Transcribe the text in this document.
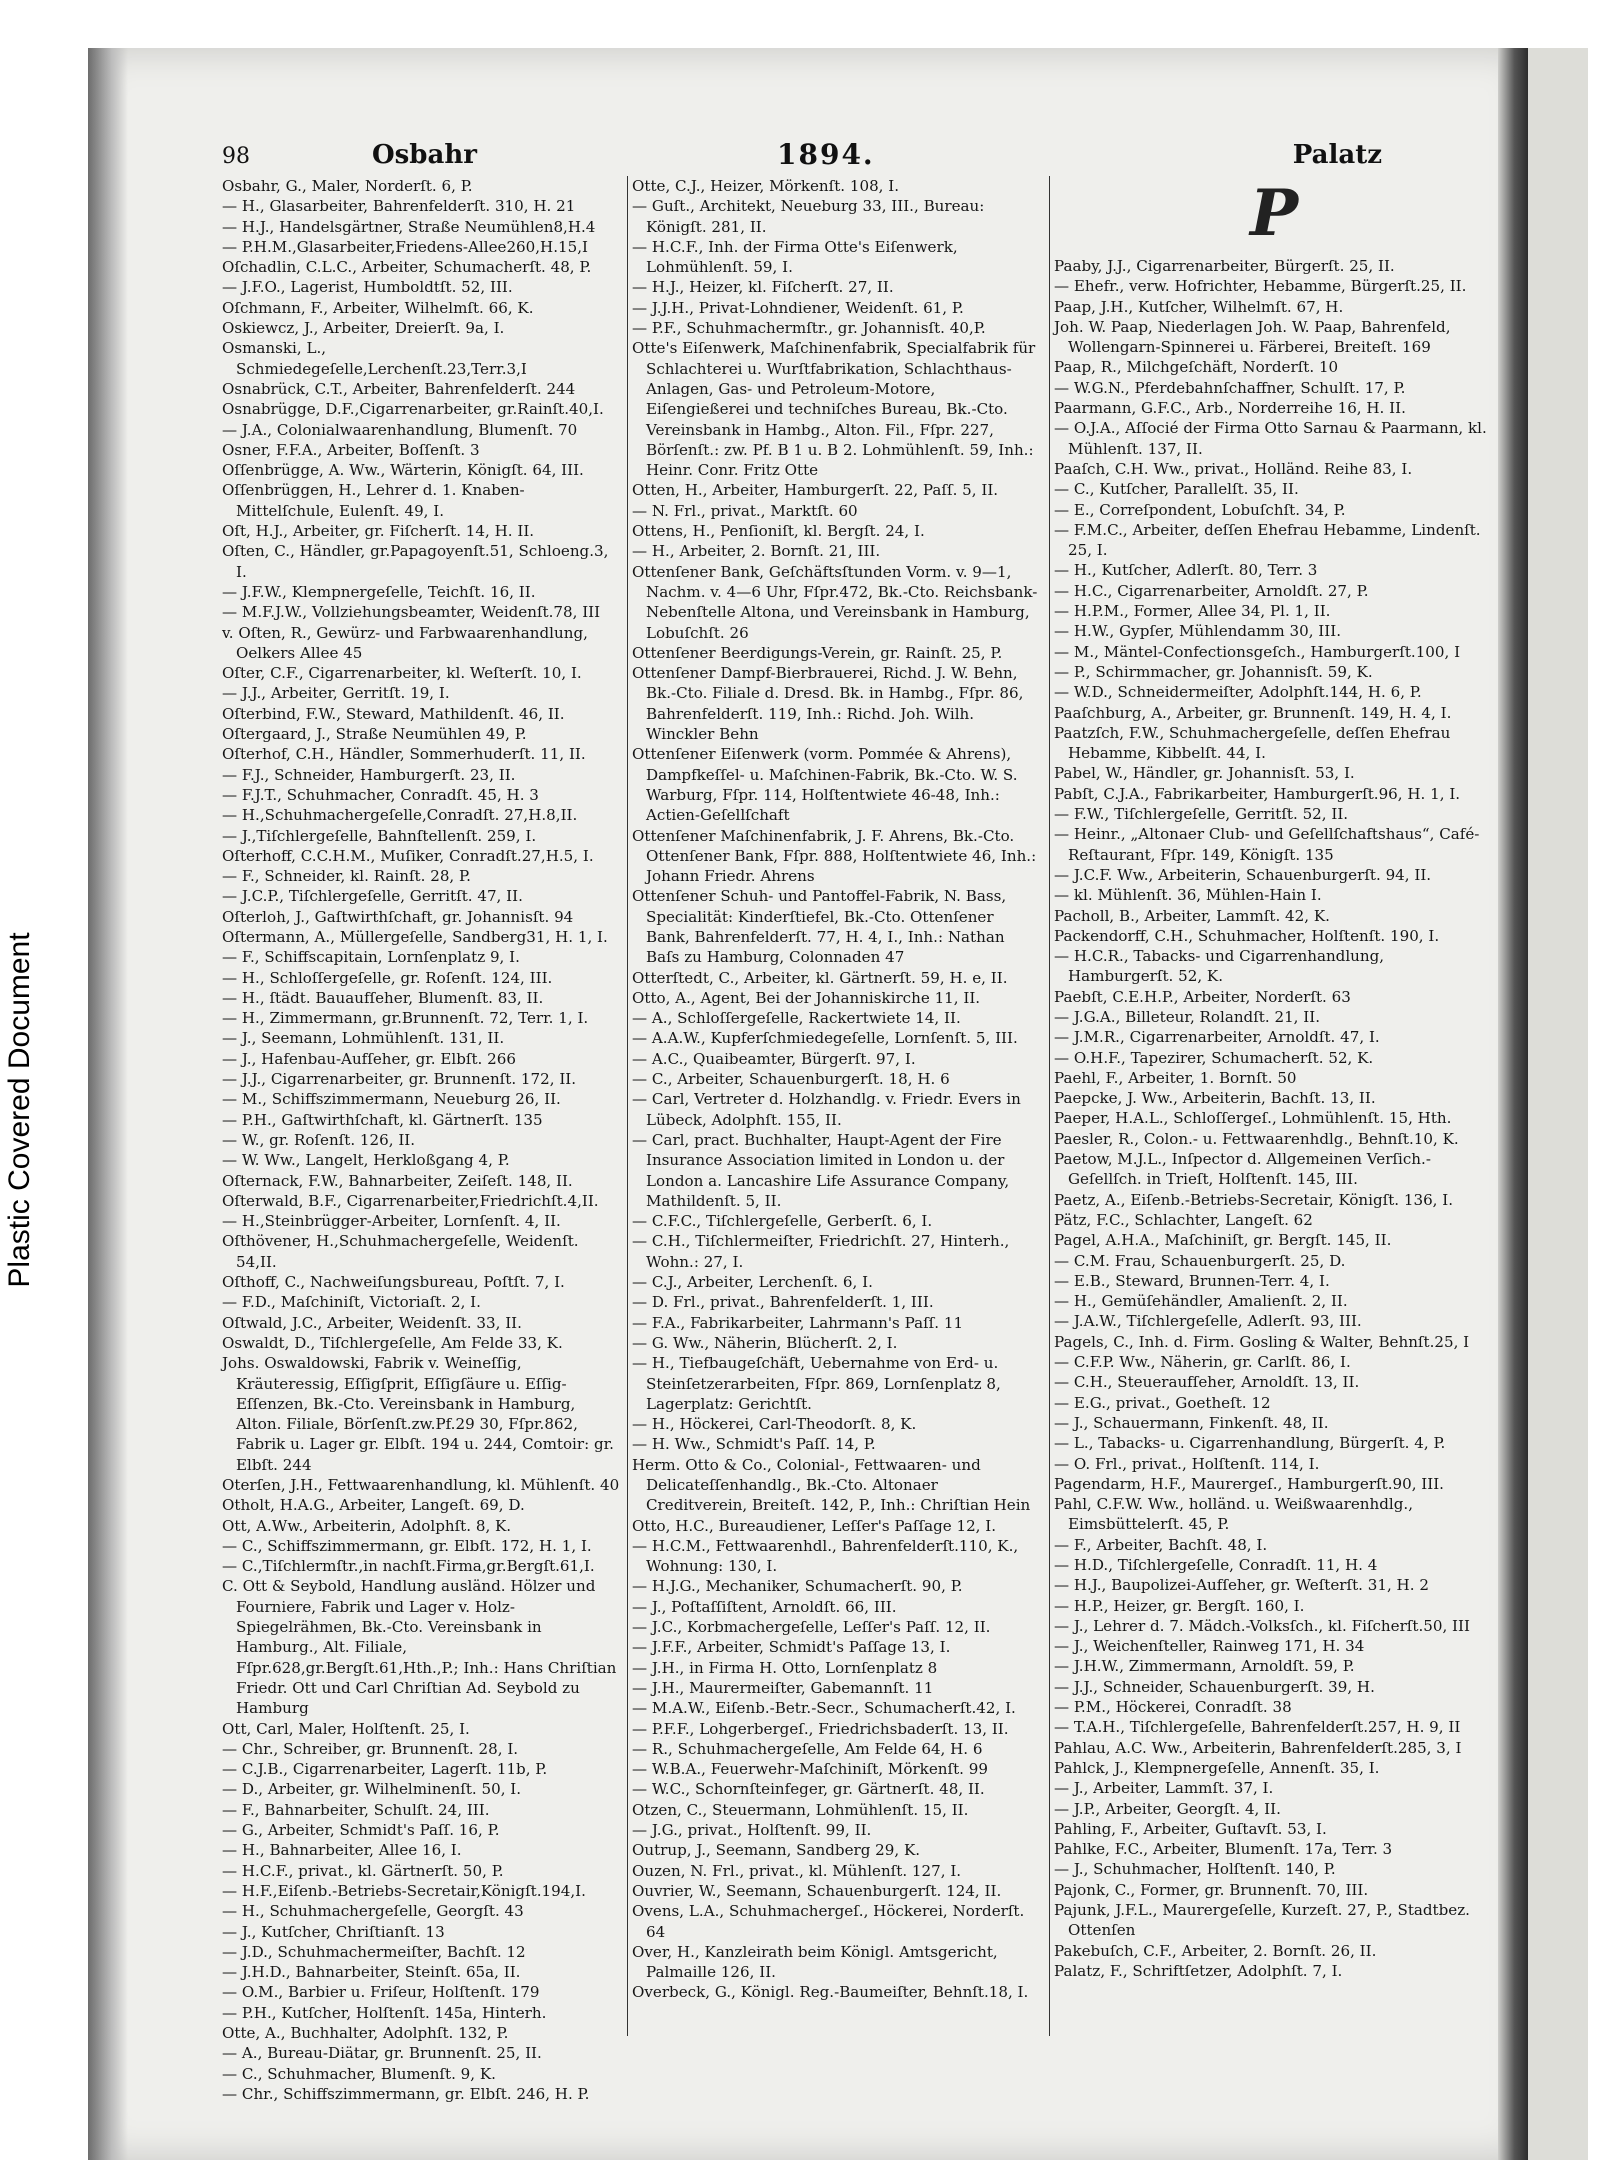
Plastic Covered Document
98	Osbahr	1894.	Palatz
Osbahr, G., Maler, Norderſt. 6, P.
— H., Glasarbeiter, Bahrenfelderſt. 310, H. 21
— H.J., Handelsgärtner, Straße Neumühlen8,H.4
— P.H.M.,Glasarbeiter,Friedens-Allee260,H.15,I
Oſchadlin, C.L.C., Arbeiter, Schumacherſt. 48, P.
— J.F.O., Lagerist, Humboldtſt. 52, III.
Oſchmann, F., Arbeiter, Wilhelmſt. 66, K.
Oskiewcz, J., Arbeiter, Dreierſt. 9a, I.
Osmanski, L., Schmiedegeſelle,Lerchenſt.23,Terr.3,I
Osnabrück, C.T., Arbeiter, Bahrenfelderſt. 244
Osnabrügge, D.F.,Cigarrenarbeiter, gr.Rainſt.40,I.
— J.A., Colonialwaarenhandlung, Blumenſt. 70
Osner, F.F.A., Arbeiter, Boſſenſt. 3
Oſſenbrügge, A. Ww., Wärterin, Königſt. 64, III.
Oſſenbrüggen, H., Lehrer d. 1. Knaben-Mittelſchule, Eulenſt. 49, I.
Oſt, H.J., Arbeiter, gr. Fiſcherſt. 14, H. II.
Oſten, C., Händler, gr.Papagoyenſt.51, Schloeng.3, I.
— J.F.W., Klempnergeſelle, Teichſt. 16, II.
— M.F.J.W., Vollziehungsbeamter, Weidenſt.78, III
v. Oſten, R., Gewürz- und Farbwaarenhandlung, Oelkers Allee 45
Oſter, C.F., Cigarrenarbeiter, kl. Weſterſt. 10, I.
— J.J., Arbeiter, Gerritſt. 19, I.
Oſterbind, F.W., Steward, Mathildenſt. 46, II.
Oſtergaard, J., Straße Neumühlen 49, P.
Oſterhof, C.H., Händler, Sommerhuderſt. 11, II.
— F.J., Schneider, Hamburgerſt. 23, II.
— F.J.T., Schuhmacher, Conradſt. 45, H. 3
— H.,Schuhmachergeſelle,Conradſt. 27,H.8,II.
— J.,Tiſchlergeſelle, Bahnſtellenſt. 259, I.
Oſterhoff, C.C.H.M., Muſiker, Conradſt.27,H.5, I.
— F., Schneider, kl. Rainſt. 28, P.
— J.C.P., Tiſchlergeſelle, Gerritſt. 47, II.
Oſterloh, J., Gaſtwirthſchaft, gr. Johannisſt. 94
Oſtermann, A., Müllergeſelle, Sandberg31, H. 1, I.
— F., Schiffscapitain, Lornſenplatz 9, I.
— H., Schloſſergeſelle, gr. Roſenſt. 124, III.
— H., ſtädt. Bauaufſeher, Blumenſt. 83, II.
— H., Zimmermann, gr.Brunnenſt. 72, Terr. 1, I.
— J., Seemann, Lohmühlenſt. 131, II.
— J., Hafenbau-Aufſeher, gr. Elbſt. 266
— J.J., Cigarrenarbeiter, gr. Brunnenſt. 172, II.
— M., Schiffszimmermann, Neueburg 26, II.
— P.H., Gaſtwirthſchaft, kl. Gärtnerſt. 135
— W., gr. Roſenſt. 126, II.
— W. Ww., Langelt, Herkloßgang 4, P.
Oſternack, F.W., Bahnarbeiter, Zeiſeſt. 148, II.
Oſterwald, B.F., Cigarrenarbeiter,Friedrichſt.4,II.
— H.,Steinbrügger-Arbeiter, Lornſenſt. 4, II.
Oſthövener, H.,Schuhmachergeſelle, Weidenſt. 54,II.
Oſthoff, C., Nachweiſungsbureau, Poſtſt. 7, I.
— F.D., Maſchiniſt, Victoriaſt. 2, I.
Oſtwald, J.C., Arbeiter, Weidenſt. 33, II.
Oswaldt, D., Tiſchlergeſelle, Am Felde 33, K.
Johs. Oswaldowski, Fabrik v. Weineſſig, Kräuteressig, Eſſigſprit, Eſſigſäure u. Eſſig-Eſſenzen, Bk.-Cto. Vereinsbank in Hamburg, Alton. Filiale, Börſenſt.zw.Pf.29 30, Fſpr.862, Fabrik u. Lager gr. Elbſt. 194 u. 244, Comtoir: gr. Elbſt. 244
Oterſen, J.H., Fettwaarenhandlung, kl. Mühlenſt. 40
Otholt, H.A.G., Arbeiter, Langeſt. 69, D.
Ott, A.Ww., Arbeiterin, Adolphſt. 8, K.
— C., Schiffszimmermann, gr. Elbſt. 172, H. 1, I.
— C.,Tiſchlermſtr.,in nachſt.Firma,gr.Bergſt.61,I.
C. Ott & Seybold, Handlung ausländ. Hölzer und Fourniere, Fabrik und Lager v. Holz-Spiegelrähmen, Bk.-Cto. Vereinsbank in Hamburg., Alt. Filiale, Fſpr.628,gr.Bergſt.61,Hth.,P.; Inh.: Hans Chriſtian Friedr. Ott und Carl Chriſtian Ad. Seybold zu Hamburg
Ott, Carl, Maler, Holſtenſt. 25, I.
— Chr., Schreiber, gr. Brunnenſt. 28, I.
— C.J.B., Cigarrenarbeiter, Lagerſt. 11b, P.
— D., Arbeiter, gr. Wilhelminenſt. 50, I.
— F., Bahnarbeiter, Schulſt. 24, III.
— G., Arbeiter, Schmidt's Paſſ. 16, P.
— H., Bahnarbeiter, Allee 16, I.
— H.C.F., privat., kl. Gärtnerſt. 50, P.
— H.F.,Eiſenb.-Betriebs-Secretair,Königſt.194,I.
— H., Schuhmachergeſelle, Georgſt. 43
— J., Kutſcher, Chriſtianſt. 13
— J.D., Schuhmachermeiſter, Bachſt. 12
— J.H.D., Bahnarbeiter, Steinſt. 65a, II.
— O.M., Barbier u. Friſeur, Holſtenſt. 179
— P.H., Kutſcher, Holſtenſt. 145a, Hinterh.
Otte, A., Buchhalter, Adolphſt. 132, P.
— A., Bureau-Diätar, gr. Brunnenſt. 25, II.
— C., Schuhmacher, Blumenſt. 9, K.
— Chr., Schiffszimmermann, gr. Elbſt. 246, H. P.
Otte, C.J., Heizer, Mörkenſt. 108, I.
— Guſt., Architekt, Neueburg 33, III., Bureau: Königſt. 281, II.
— H.C.F., Inh. der Firma Otte's Eiſenwerk, Lohmühlenſt. 59, I.
— H.J., Heizer, kl. Fiſcherſt. 27, II.
— J.J.H., Privat-Lohndiener, Weidenſt. 61, P.
— P.F., Schuhmachermſtr., gr. Johannisſt. 40,P.
Otte's Eiſenwerk, Maſchinenfabrik, Specialfabrik für Schlachterei u. Wurſtfabrikation, Schlachthaus-Anlagen, Gas- und Petroleum-Motore, Eiſengießerei und techniſches Bureau, Bk.-Cto. Vereinsbank in Hambg., Alton. Fil., Fſpr. 227, Börſenſt.: zw. Pf. B 1 u. B 2. Lohmühlenſt. 59, Inh.: Heinr. Conr. Fritz Otte
Otten, H., Arbeiter, Hamburgerſt. 22, Paſſ. 5, II.
— N. Frl., privat., Marktſt. 60
Ottens, H., Penſioniſt, kl. Bergſt. 24, I.
— H., Arbeiter, 2. Bornſt. 21, III.
Ottenſener Bank, Geſchäftsſtunden Vorm. v. 9—1, Nachm. v. 4—6 Uhr, Fſpr.472, Bk.-Cto. Reichsbank-Nebenſtelle Altona, und Vereinsbank in Hamburg, Lobuſchſt. 26
Ottenſener Beerdigungs-Verein, gr. Rainſt. 25, P.
Ottenſener Dampf-Bierbrauerei, Richd. J. W. Behn, Bk.-Cto. Filiale d. Dresd. Bk. in Hambg., Fſpr. 86, Bahrenfelderſt. 119, Inh.: Richd. Joh. Wilh. Winckler Behn
Ottenſener Eiſenwerk (vorm. Pommée & Ahrens), Dampfkeſſel- u. Maſchinen-Fabrik, Bk.-Cto. W. S. Warburg, Fſpr. 114, Holſtentwiete 46-48, Inh.: Actien-Geſellſchaft
Ottenſener Maſchinenfabrik, J. F. Ahrens, Bk.-Cto. Ottenſener Bank, Fſpr. 888, Holſtentwiete 46, Inh.: Johann Friedr. Ahrens
Ottenſener Schuh- und Pantoffel-Fabrik, N. Bass, Specialität: Kinderſtiefel, Bk.-Cto. Ottenſener Bank, Bahrenfelderſt. 77, H. 4, I., Inh.: Nathan Baſs zu Hamburg, Colonnaden 47
Otterſtedt, C., Arbeiter, kl. Gärtnerſt. 59, H. e, II.
Otto, A., Agent, Bei der Johanniskirche 11, II.
— A., Schloſſergeſelle, Rackertwiete 14, II.
— A.A.W., Kupferſchmiedegeſelle, Lornſenſt. 5, III.
— A.C., Quaibeamter, Bürgerſt. 97, I.
— C., Arbeiter, Schauenburgerſt. 18, H. 6
— Carl, Vertreter d. Holzhandlg. v. Friedr. Evers in Lübeck, Adolphſt. 155, II.
— Carl, pract. Buchhalter, Haupt-Agent der Fire Insurance Association limited in London u. der London a. Lancashire Life Assurance Company, Mathildenſt. 5, II.
— C.F.C., Tiſchlergeſelle, Gerberſt. 6, I.
— C.H., Tiſchlermeiſter, Friedrichſt. 27, Hinterh., Wohn.: 27, I.
— C.J., Arbeiter, Lerchenſt. 6, I.
— D. Frl., privat., Bahrenfelderſt. 1, III.
— F.A., Fabrikarbeiter, Lahrmann's Paſſ. 11
— G. Ww., Näherin, Blücherſt. 2, I.
— H., Tiefbaugeſchäft, Uebernahme von Erd- u. Steinſetzerarbeiten, Fſpr. 869, Lornſenplatz 8, Lagerplatz: Gerichtſt.
— H., Höckerei, Carl-Theodorſt. 8, K.
— H. Ww., Schmidt's Paſſ. 14, P.
Herm. Otto & Co., Colonial-, Fettwaaren- und Delicateſſenhandlg., Bk.-Cto. Altonaer Creditverein, Breiteſt. 142, P., Inh.: Chriſtian Hein
Otto, H.C., Bureaudiener, Leſſer's Paſſage 12, I.
— H.C.M., Fettwaarenhdl., Bahrenfelderſt.110, K., Wohnung: 130, I.
— H.J.G., Mechaniker, Schumacherſt. 90, P.
— J., Poſtaſſiſtent, Arnoldſt. 66, III.
— J.C., Korbmachergeſelle, Leſſer's Paſſ. 12, II.
— J.F.F., Arbeiter, Schmidt's Paſſage 13, I.
— J.H., in Firma H. Otto, Lornſenplatz 8
— J.H., Maurermeiſter, Gabemannſt. 11
— M.A.W., Eiſenb.-Betr.-Secr., Schumacherſt.42, I.
— P.F.F., Lohgerbergeſ., Friedrichsbaderſt. 13, II.
— R., Schuhmachergeſelle, Am Felde 64, H. 6
— W.B.A., Feuerwehr-Maſchiniſt, Mörkenſt. 99
— W.C., Schornſteinfeger, gr. Gärtnerſt. 48, II.
Otzen, C., Steuermann, Lohmühlenſt. 15, II.
— J.G., privat., Holſtenſt. 99, II.
Outrup, J., Seemann, Sandberg 29, K.
Ouzen, N. Frl., privat., kl. Mühlenſt. 127, I.
Ouvrier, W., Seemann, Schauenburgerſt. 124, II.
Ovens, L.A., Schuhmachergeſ., Höckerei, Norderſt. 64
Over, H., Kanzleirath beim Königl. Amtsgericht, Palmaille 126, II.
Overbeck, G., Königl. Reg.-Baumeiſter, Behnſt.18, I.
P
Paaby, J.J., Cigarrenarbeiter, Bürgerſt. 25, II.
— Ehefr., verw. Hofrichter, Hebamme, Bürgerſt.25, II.
Paap, J.H., Kutſcher, Wilhelmſt. 67, H.
Joh. W. Paap, Niederlagen Joh. W. Paap, Bahrenfeld, Wollengarn-Spinnerei u. Färberei, Breiteſt. 169
Paap, R., Milchgeſchäft, Norderſt. 10
— W.G.N., Pferdebahnſchaffner, Schulſt. 17, P.
Paarmann, G.F.C., Arb., Norderreihe 16, H. II.
— O.J.A., Aſſocié der Firma Otto Sarnau & Paarmann, kl. Mühlenſt. 137, II.
Paaſch, C.H. Ww., privat., Holländ. Reihe 83, I.
— C., Kutſcher, Parallelſt. 35, II.
— E., Correſpondent, Lobuſchſt. 34, P.
— F.M.C., Arbeiter, deſſen Ehefrau Hebamme, Lindenſt. 25, I.
— H., Kutſcher, Adlerſt. 80, Terr. 3
— H.C., Cigarrenarbeiter, Arnoldſt. 27, P.
— H.P.M., Former, Allee 34, Pl. 1, II.
— H.W., Gypſer, Mühlendamm 30, III.
— M., Mäntel-Confectionsgeſch., Hamburgerſt.100, I
— P., Schirmmacher, gr. Johannisſt. 59, K.
— W.D., Schneidermeiſter, Adolphſt.144, H. 6, P.
Paaſchburg, A., Arbeiter, gr. Brunnenſt. 149, H. 4, I.
Paatzſch, F.W., Schuhmachergeſelle, deſſen Ehefrau Hebamme, Kibbelſt. 44, I.
Pabel, W., Händler, gr. Johannisſt. 53, I.
Pabſt, C.J.A., Fabrikarbeiter, Hamburgerſt.96, H. 1, I.
— F.W., Tiſchlergeſelle, Gerritſt. 52, II.
— Heinr., „Altonaer Club- und Geſellſchaftshaus“, Café-Reſtaurant, Fſpr. 149, Königſt. 135
— J.C.F. Ww., Arbeiterin, Schauenburgerſt. 94, II.
— kl. Mühlenſt. 36, Mühlen-Hain I.
Pacholl, B., Arbeiter, Lammſt. 42, K.
Packendorff, C.H., Schuhmacher, Holſtenſt. 190, I.
— H.C.R., Tabacks- und Cigarrenhandlung, Hamburgerſt. 52, K.
Paebſt, C.E.H.P., Arbeiter, Norderſt. 63
— J.G.A., Billeteur, Rolandſt. 21, II.
— J.M.R., Cigarrenarbeiter, Arnoldſt. 47, I.
— O.H.F., Tapezirer, Schumacherſt. 52, K.
Paehl, F., Arbeiter, 1. Bornſt. 50
Paepcke, J. Ww., Arbeiterin, Bachſt. 13, II.
Paeper, H.A.L., Schloſſergeſ., Lohmühlenſt. 15, Hth.
Paesler, R., Colon.- u. Fettwaarenhdlg., Behnſt.10, K.
Paetow, M.J.L., Inſpector d. Allgemeinen Verſich.-Geſellſch. in Trieſt, Holſtenſt. 145, III.
Paetz, A., Eiſenb.-Betriebs-Secretair, Königſt. 136, I.
Pätz, F.C., Schlachter, Langeſt. 62
Pagel, A.H.A., Maſchiniſt, gr. Bergſt. 145, II.
— C.M. Frau, Schauenburgerſt. 25, D.
— E.B., Steward, Brunnen-Terr. 4, I.
— H., Gemüſehändler, Amalienſt. 2, II.
— J.A.W., Tiſchlergeſelle, Adlerſt. 93, III.
Pagels, C., Inh. d. Firm. Gosling & Walter, Behnſt.25, I
— C.F.P. Ww., Näherin, gr. Carlſt. 86, I.
— C.H., Steueraufſeher, Arnoldſt. 13, II.
— E.G., privat., Goetheſt. 12
— J., Schauermann, Finkenſt. 48, II.
— L., Tabacks- u. Cigarrenhandlung, Bürgerſt. 4, P.
— O. Frl., privat., Holſtenſt. 114, I.
Pagendarm, H.F., Maurergeſ., Hamburgerſt.90, III.
Pahl, C.F.W. Ww., holländ. u. Weißwaarenhdlg., Eimsbüttelerſt. 45, P.
— F., Arbeiter, Bachſt. 48, I.
— H.D., Tiſchlergeſelle, Conradſt. 11, H. 4
— H.J., Baupolizei-Aufſeher, gr. Weſterſt. 31, H. 2
— H.P., Heizer, gr. Bergſt. 160, I.
— J., Lehrer d. 7. Mädch.-Volksſch., kl. Fiſcherſt.50, III
— J., Weichenſteller, Rainweg 171, H. 34
— J.H.W., Zimmermann, Arnoldſt. 59, P.
— J.J., Schneider, Schauenburgerſt. 39, H.
— P.M., Höckerei, Conradſt. 38
— T.A.H., Tiſchlergeſelle, Bahrenfelderſt.257, H. 9, II
Pahlau, A.C. Ww., Arbeiterin, Bahrenfelderſt.285, 3, I
Pahlck, J., Klempnergeſelle, Annenſt. 35, I.
— J., Arbeiter, Lammſt. 37, I.
— J.P., Arbeiter, Georgſt. 4, II.
Pahling, F., Arbeiter, Guſtavſt. 53, I.
Pahlke, F.C., Arbeiter, Blumenſt. 17a, Terr. 3
— J., Schuhmacher, Holſtenſt. 140, P.
Pajonk, C., Former, gr. Brunnenſt. 70, III.
Pajunk, J.F.L., Maurergeſelle, Kurzeſt. 27, P., Stadtbez. Ottenſen
Pakebuſch, C.F., Arbeiter, 2. Bornſt. 26, II.
Palatz, F., Schriftſetzer, Adolphſt. 7, I.
